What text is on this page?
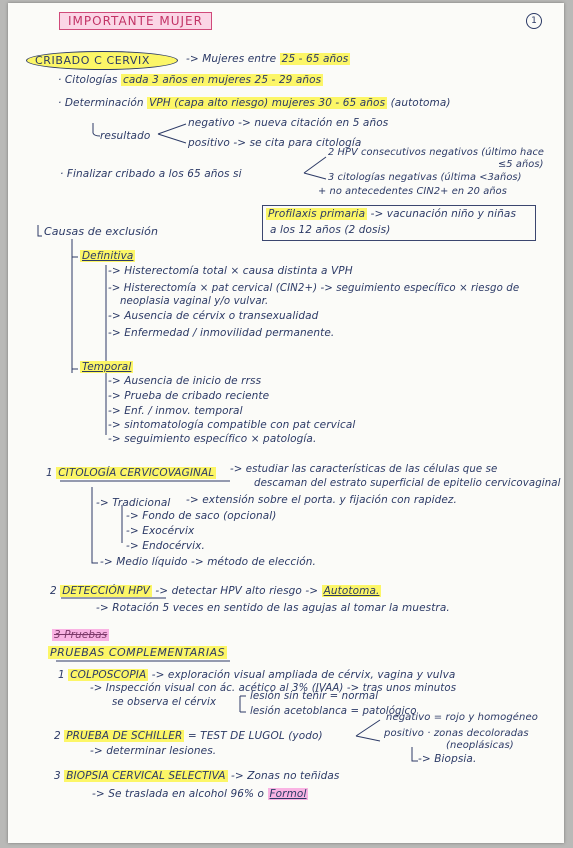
IMPORTANTE MUJER	1
CRIBADO C CERVIX	-> Mujeres entre 25 - 65 años
· Citologías cada 3 años en mujeres 25 - 29 años
· Determinación VPH (capa alto riesgo) mujeres 30 - 65 años (autotoma)
resultado
negativo -> nueva citación en 5 años
positivo -> se cita para citología
· Finalizar cribado a los 65 años si
2 HPV consecutivos negativos (último hace
≤5 años)
3 citologías negativas (última <3años)
+ no antecedentes CIN2+ en 20 años
Profilaxis primaria -> vacunación niño y niñas
a los 12 años (2 dosis)
Causas de exclusión
Definitiva
-> Histerectomía total × causa distinta a VPH
-> Histerectomía × pat cervical (CIN2+) -> seguimiento específico × riesgo de
neoplasia vaginal y/o vulvar.
-> Ausencia de cérvix o transexualidad
-> Enfermedad / inmovilidad permanente.
Temporal
-> Ausencia de inicio de rrss
-> Prueba de cribado reciente
-> Enf. / inmov. temporal
-> sintomatología compatible con pat cervical
-> seguimiento específico × patología.
1 CITOLOGÍA CERVICOVAGINAL -> estudiar las características de las células que se
descaman del estrato superficial de epitelio cervicovaginal
-> Tradicional -> extensión sobre el porta. y fijación con rapidez.
-> Fondo de saco (opcional)
-> Exocérvix
-> Endocérvix.
-> Medio líquido -> método de elección.
2 DETECCIÓN HPV -> detectar HPV alto riesgo -> Autotoma.
-> Rotación 5 veces en sentido de las agujas al tomar la muestra.
3 Pruebas
PRUEBAS COMPLEMENTARIAS
1 COLPOSCOPIA -> exploración visual ampliada de cérvix, vagina y vulva
-> Inspección visual con ác. acético al 3% (IVAA) -> tras unos minutos
se observa el cérvix
lesión sin teñir = normal
lesión acetoblanca = patológico
2 PRUEBA DE SCHILLER = TEST DE LUGOL (yodo)
negativo = rojo y homogéneo
positivo · zonas decoloradas
(neoplásicas)
-> Biopsia.
-> determinar lesiones.
3 BIOPSIA CERVICAL SELECTIVA -> Zonas no teñidas
-> Se traslada en alcohol 96% o Formol
